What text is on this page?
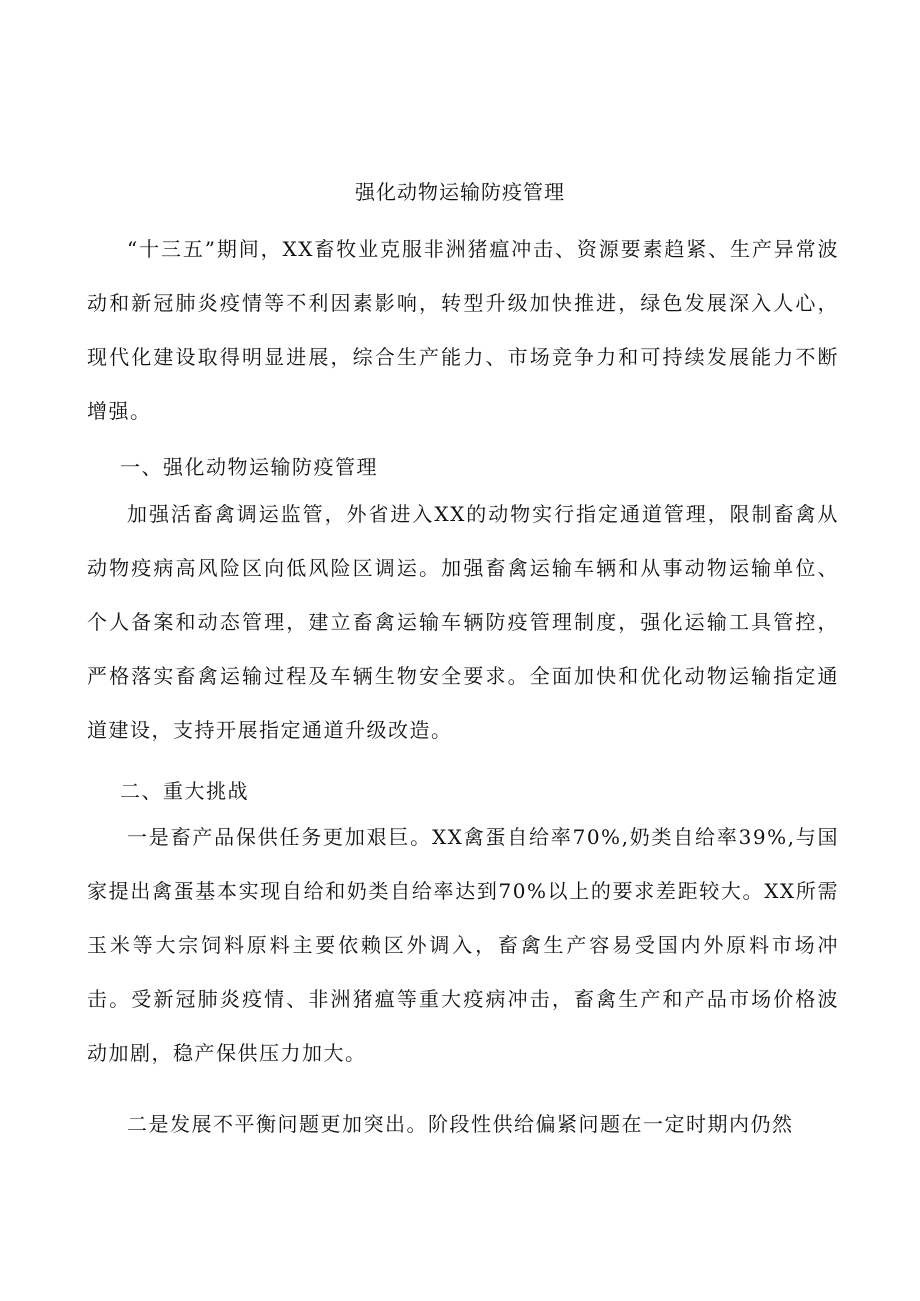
强化动物运输防疫管理

“十三五”期间，XX畜牧业克服非洲猪瘟冲击、资源要素趋紧、生产异常波动和新冠肺炎疫情等不利因素影响，转型升级加快推进，绿色发展深入人心，现代化建设取得明显进展，综合生产能力、市场竞争力和可持续发展能力不断增强。

一、强化动物运输防疫管理

加强活畜禽调运监管，外省进入XX的动物实行指定通道管理，限制畜禽从动物疫病高风险区向低风险区调运。加强畜禽运输车辆和从事动物运输单位、个人备案和动态管理，建立畜禽运输车辆防疫管理制度，强化运输工具管控，严格落实畜禽运输过程及车辆生物安全要求。全面加快和优化动物运输指定通道建设，支持开展指定通道升级改造。

二、重大挑战

一是畜产品保供任务更加艰巨。XX禽蛋自给率70%,奶类自给率39%,与国家提出禽蛋基本实现自给和奶类自给率达到70%以上的要求差距较大。XX所需玉米等大宗饲料原料主要依赖区外调入，畜禽生产容易受国内外原料市场冲击。受新冠肺炎疫情、非洲猪瘟等重大疫病冲击，畜禽生产和产品市场价格波动加剧，稳产保供压力加大。

二是发展不平衡问题更加突出。阶段性供给偏紧问题在一定时期内仍然
